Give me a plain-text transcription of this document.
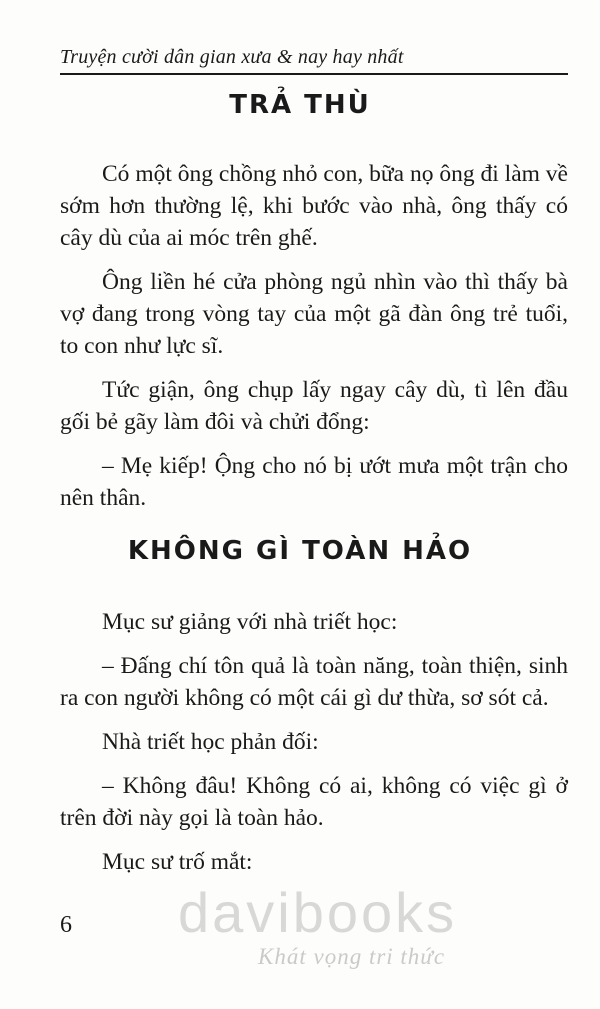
Truyện cười dân gian xưa & nay hay nhất
TRẢ THÙ

Có một ông chồng nhỏ con, bữa nọ ông đi làm về sớm hơn thường lệ, khi bước vào nhà, ông thấy có cây dù của ai móc trên ghế.

Ông liền hé cửa phòng ngủ nhìn vào thì thấy bà vợ đang trong vòng tay của một gã đàn ông trẻ tuổi, to con như lực sĩ.

Tức giận, ông chụp lấy ngay cây dù, tì lên đầu gối bẻ gãy làm đôi và chửi đổng:

– Mẹ kiếp! Ộng cho nó bị ướt mưa một trận cho nên thân.

KHÔNG GÌ TOÀN HẢO

Mục sư giảng với nhà triết học:

– Đấng chí tôn quả là toàn năng, toàn thiện, sinh ra con người không có một cái gì dư thừa, sơ sót cả.

Nhà triết học phản đối:

– Không đâu! Không có ai, không có việc gì ở trên đời này gọi là toàn hảo.

Mục sư trố mắt:

6 davibooks
Khát vọng tri thức
